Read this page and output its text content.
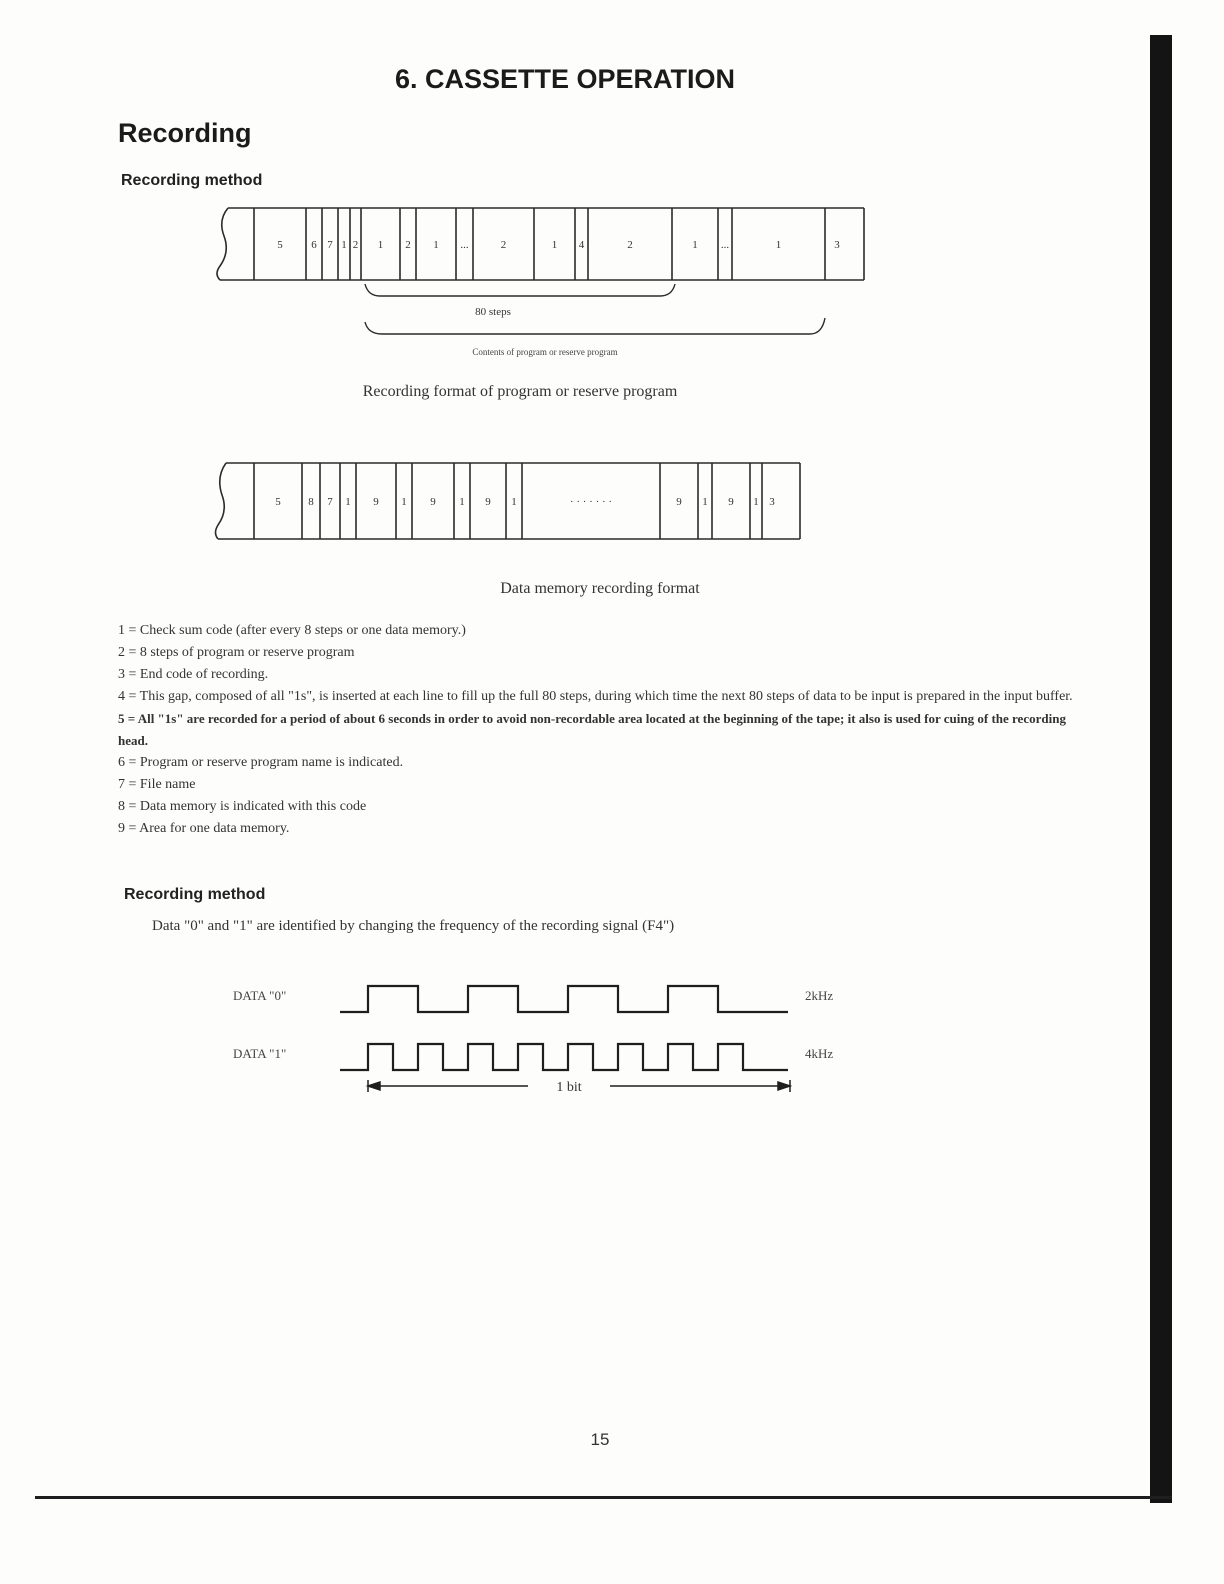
6. CASSETTE OPERATION
Recording
Recording method
5	6 7 1 2 1 2 1 ...	2	1 4	2	1 ...	1	3
80 steps
Contents of program or reserve program
Recording format of program or reserve program
5	8 7 1 9 1 9 1 9 1	· · · · · · ·	9 1 9 1 3
Data memory recording format
1 = Check sum code (after every 8 steps or one data memory.)
2 = 8 steps of program or reserve program
3 = End code of recording.
4 = This gap, composed of all "1s", is inserted at each line to fill up the full 80 steps, during which time the next 80 steps of data to be input is prepared in the input buffer.
5 = All "1s" are recorded for a period of about 6 seconds in order to avoid non-recordable area located at the beginning of the tape; it also is used for cuing of the recording head.
6 = Program or reserve program name is indicated.
7 = File name
8 = Data memory is indicated with this code
9 = Area for one data memory.
Recording method
Data "0" and "1" are identified by changing the frequency of the recording signal (F4")
DATA "0"
DATA "1"
2kHz
4kHz
1 bit
15
